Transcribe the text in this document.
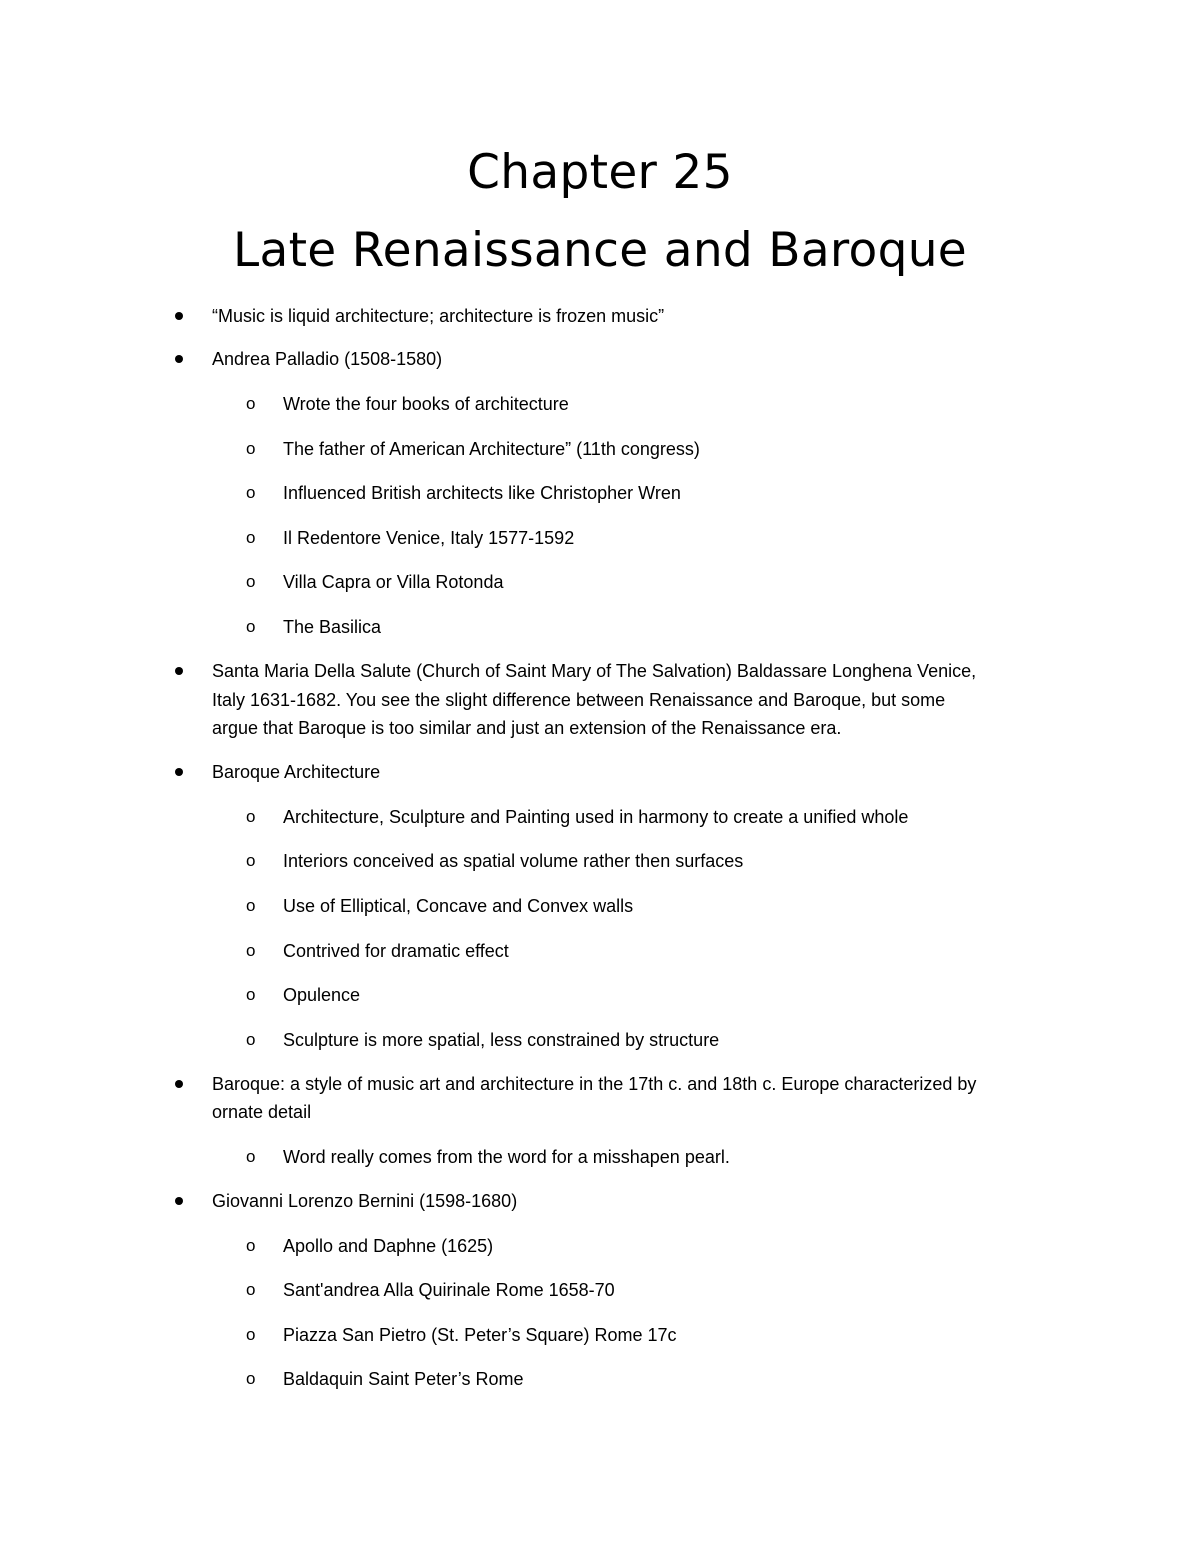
Chapter 25
Late Renaissance and Baroque
“Music is liquid architecture; architecture is frozen music”
Andrea Palladio (1508-1580)
o Wrote the four books of architecture
o The father of American Architecture” (11th congress)
o Influenced British architects like Christopher Wren
o Il Redentore Venice, Italy 1577-1592
o Villa Capra or Villa Rotonda
o The Basilica
Santa Maria Della Salute (Church of Saint Mary of The Salvation) Baldassare Longhena Venice,
Italy 1631-1682. You see the slight difference between Renaissance and Baroque, but some
argue that Baroque is too similar and just an extension of the Renaissance era.
Baroque Architecture
o Architecture, Sculpture and Painting used in harmony to create a unified whole
o Interiors conceived as spatial volume rather then surfaces
o Use of Elliptical, Concave and Convex walls
o Contrived for dramatic effect
o Opulence
o Sculpture is more spatial, less constrained by structure
Baroque: a style of music art and architecture in the 17th c. and 18th c. Europe characterized by
ornate detail
o Word really comes from the word for a misshapen pearl.
Giovanni Lorenzo Bernini (1598-1680)
o Apollo and Daphne (1625)
o Sant'andrea Alla Quirinale Rome 1658-70
o Piazza San Pietro (St. Peter’s Square) Rome 17c
o Baldaquin Saint Peter’s Rome
